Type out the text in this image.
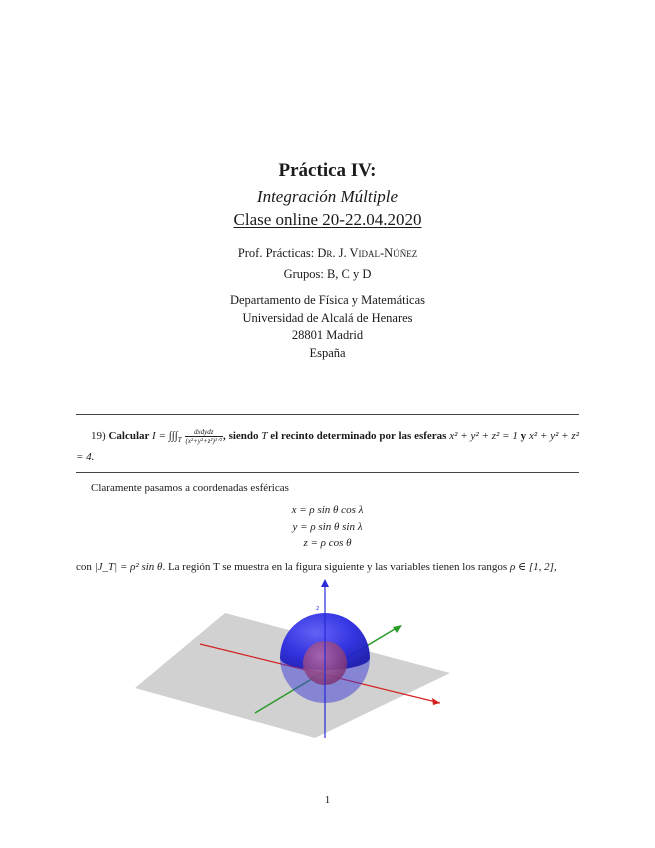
Práctica IV:
Integración Múltiple
Clase online 20-22.04.2020
Prof. Prácticas: Dr. J. Vidal-Núñez
Grupos: B, C y D
Departamento de Física y Matemáticas
Universidad de Alcalá de Henares
28801 Madrid
España
19) Calcular $I = \int\int\int_T \frac{\text{dxdydz}}{\text{(x²+y²+z²)¹ᐟ²}}$ , siendo T el recinto determinado por las esferas x² + y² + z² = 1 y x² + y² + z² = 4.
Claramente pasamos a coordenadas esféricas
x = ρ sin θ cos λ
y = ρ sin θ sin λ
z = ρ cos θ
con |J_T| = ρ² sin θ. La región T se muestra en la figura siguiente y las variables tienen los rangos ρ ∈ [1, 2],
2
1
